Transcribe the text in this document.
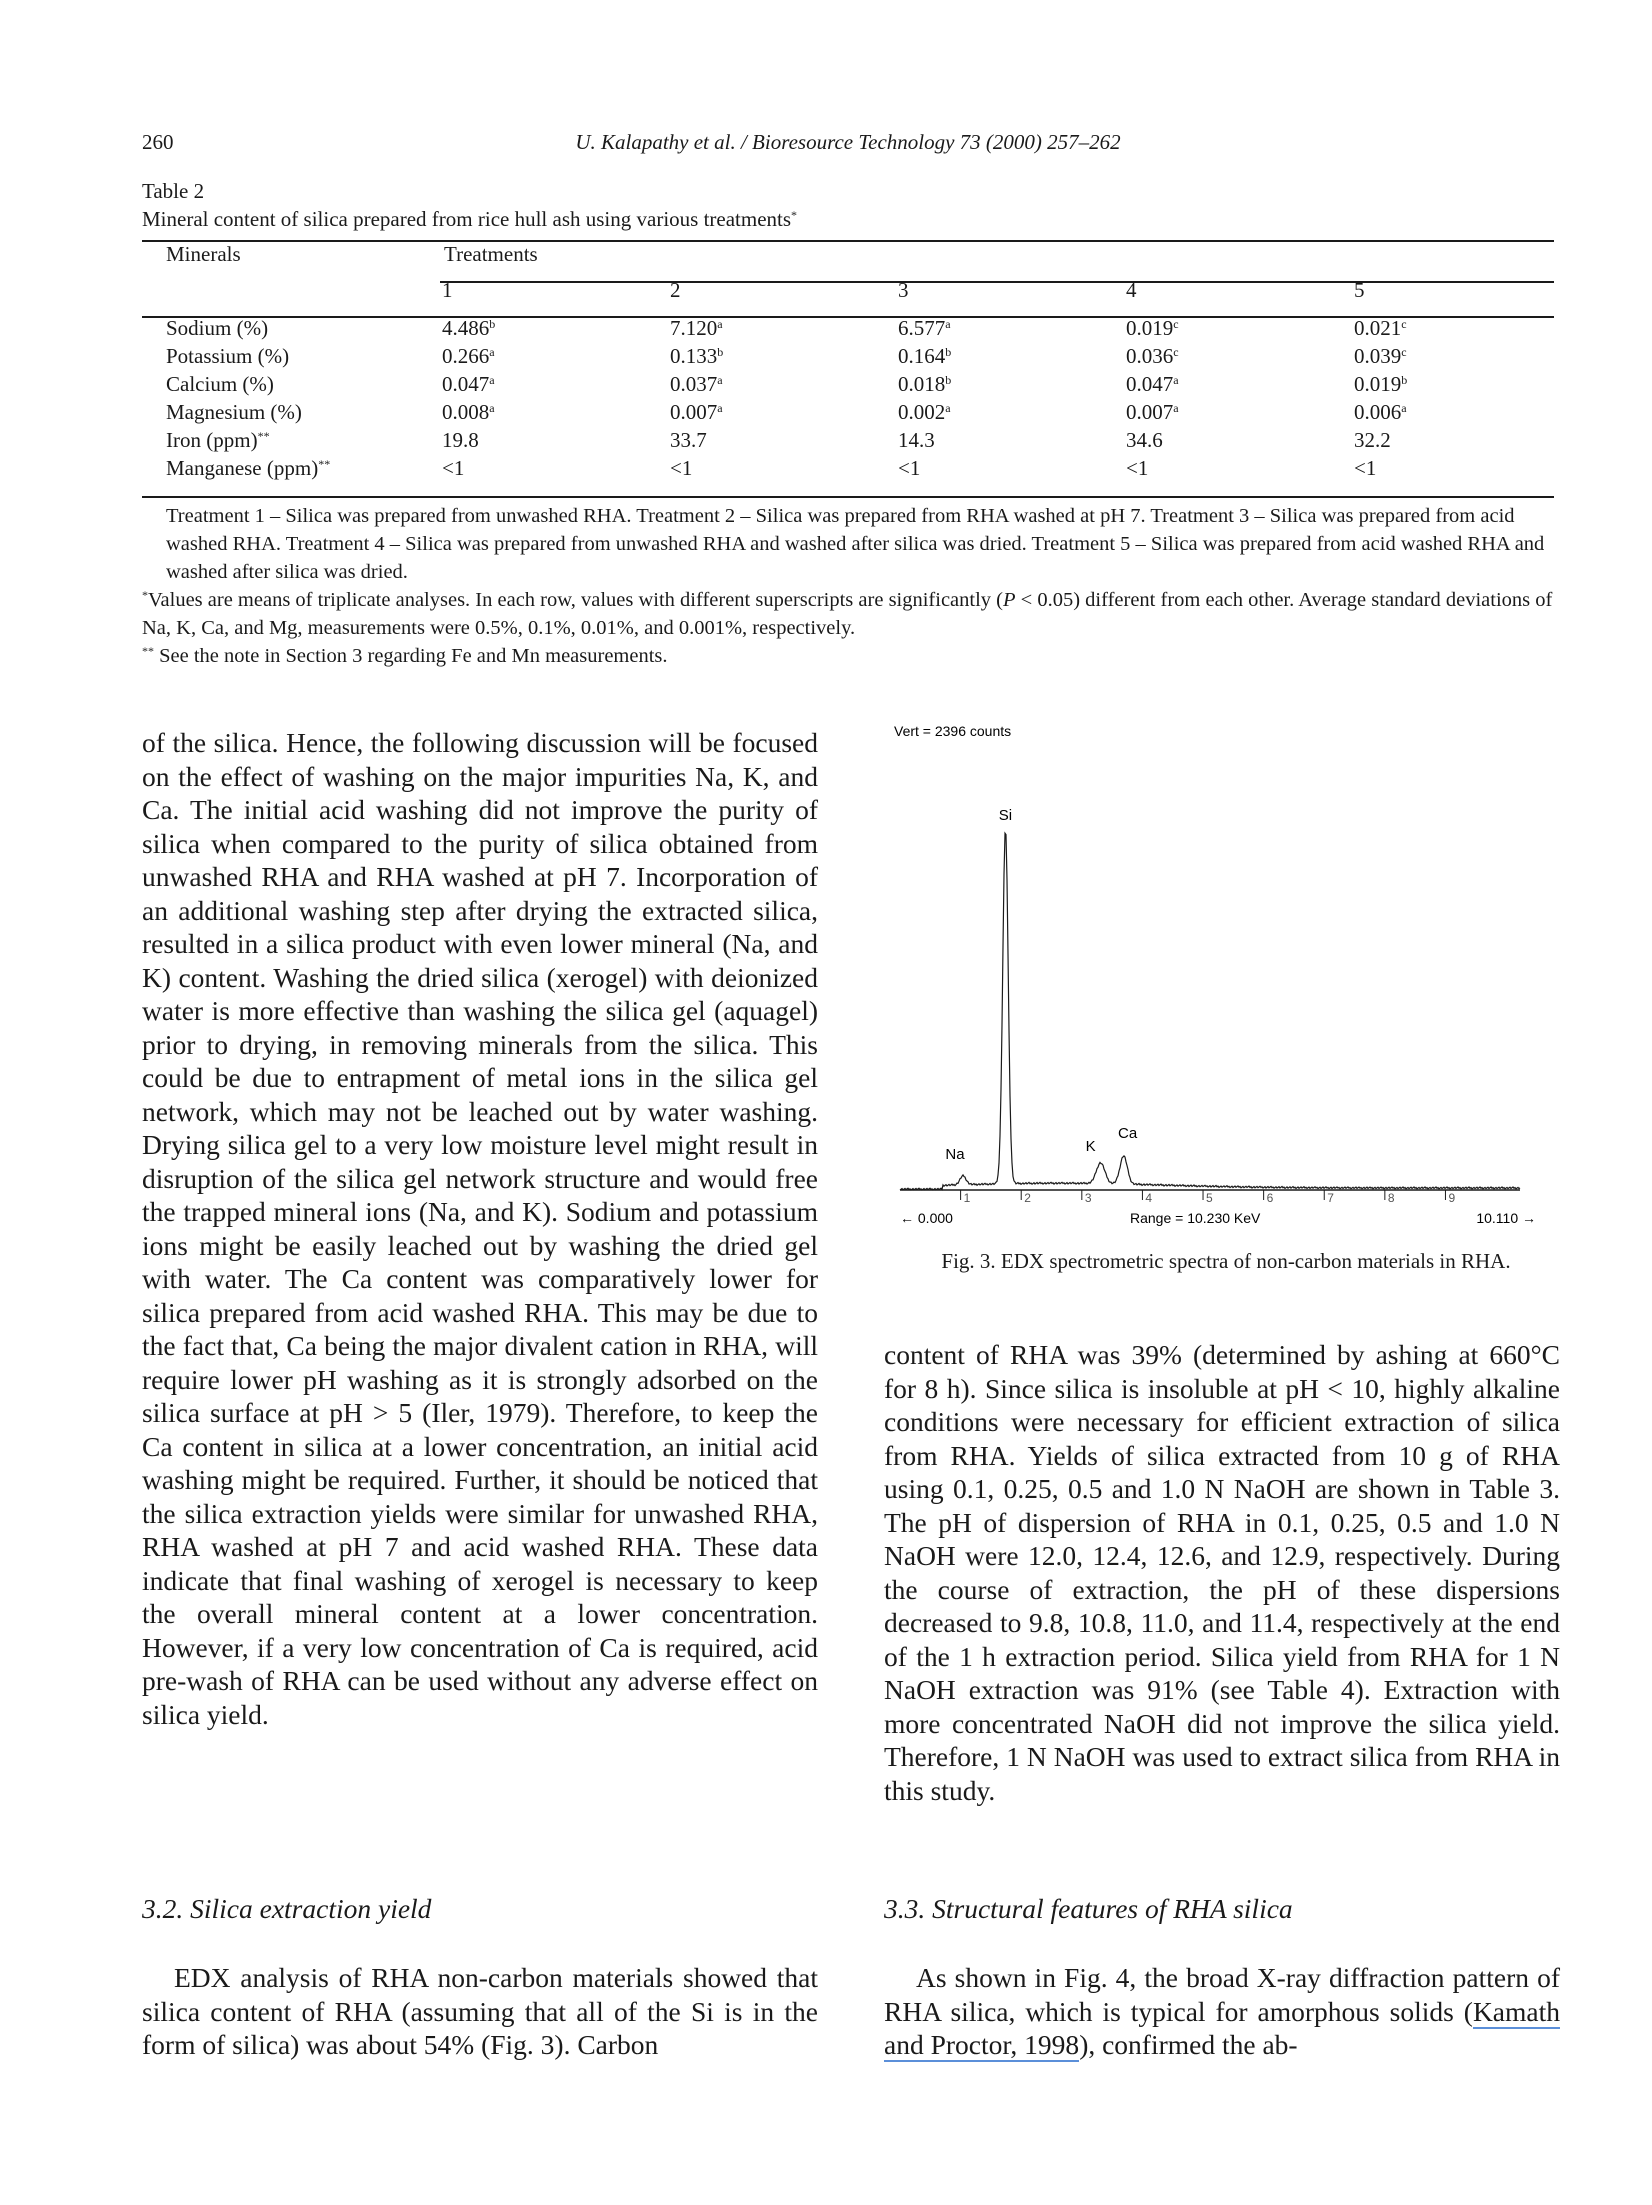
260	U. Kalapathy et al. / Bioresource Technology 73 (2000) 257–262
Table 2
Mineral content of silica prepared from rice hull ash using various treatments*
Minerals	Treatments				
	1	2	3	4	5
Sodium (%)	4.486$^b$	7.120$^a$	6.577$^a$	0.019$^c$	0.021$^c$
Potassium (%)	0.266$^a$	0.133$^b$	0.164$^b$	0.036$^c$	0.039$^c$
Calcium (%)	0.047$^a$	0.037$^a$	0.018$^b$	0.047$^a$	0.019$^b$
Magnesium (%)	0.008$^a$	0.007$^a$	0.002$^a$	0.007$^a$	0.006$^a$
Iron (ppm)**	19.8	33.7	14.3	34.6	32.2
Manganese (ppm)**	<1	<1	<1	<1	<1
Treatment 1 – Silica was prepared from unwashed RHA. Treatment 2 – Silica was prepared from RHA washed at pH 7. Treatment 3 – Silica was prepared from acid washed RHA. Treatment 4 – Silica was prepared from unwashed RHA and washed after silica was dried. Treatment 5 – Silica was prepared from acid washed RHA and washed after silica was dried.
*Values are means of triplicate analyses. In each row, values with different superscripts are significantly (P < 0.05) different from each other. Average standard deviations of Na, K, Ca, and Mg, measurements were 0.5%, 0.1%, 0.01%, and 0.001%, respectively.
** See the note in Section 3 regarding Fe and Mn measurements.

of the silica. Hence, the following discussion will be focused on the effect of washing on the major impurities Na, K, and Ca. The initial acid washing did not improve the purity of silica when compared to the purity of silica obtained from unwashed RHA and RHA washed at pH 7. Incorporation of an additional washing step after drying the extracted silica, resulted in a silica product with even lower mineral (Na, and K) content. Washing the dried silica (xerogel) with deionized water is more effective than washing the silica gel (aquagel) prior to drying, in removing minerals from the silica. This could be due to entrapment of metal ions in the silica gel network, which may not be leached out by water washing. Drying silica gel to a very low moisture level might result in disruption of the silica gel network structure and would free the trapped mineral ions (Na, and K). Sodium and potassium ions might be easily leached out by washing the dried gel with water. The Ca content was comparatively lower for silica prepared from acid washed RHA. This may be due to the fact that, Ca being the major divalent cation in RHA, will require lower pH washing as it is strongly adsorbed on the silica surface at pH > 5 (Iler, 1979). Therefore, to keep the Ca content in silica at a lower concentration, an initial acid washing might be required. Further, it should be noticed that the silica extraction yields were similar for unwashed RHA, RHA washed at pH 7 and acid washed RHA. These data indicate that final washing of xerogel is necessary to keep the overall mineral content at a lower concentration. However, if a very low concentration of Ca is required, acid pre-wash of RHA can be used without any adverse effect on silica yield.

Vert = 2396 counts
Si
Na	K
Ca
1	2	3	4	5	6	7	8	9
← 0.000	Range = 10.230 KeV	10.110 →
Fig. 3. EDX spectrometric spectra of non-carbon materials in RHA.

content of RHA was 39% (determined by ashing at 660°C for 8 h). Since silica is insoluble at pH < 10, highly alkaline conditions were necessary for efficient extraction of silica from RHA. Yields of silica extracted from 10 g of RHA using 0.1, 0.25, 0.5 and 1.0 N NaOH are shown in Table 3. The pH of dispersion of RHA in 0.1, 0.25, 0.5 and 1.0 N NaOH were 12.0, 12.4, 12.6, and 12.9, respectively. During the course of extraction, the pH of these dispersions decreased to 9.8, 10.8, 11.0, and 11.4, respectively at the end of the 1 h extraction period. Silica yield from RHA for 1 N NaOH extraction was 91% (see Table 4). Extraction with more concentrated NaOH did not improve the silica yield. Therefore, 1 N NaOH was used to extract silica from RHA in this study.

3.2. Silica extraction yield	3.3. Structural features of RHA silica

EDX analysis of RHA non-carbon materials showed that silica content of RHA (assuming that all of the Si is in the form of silica) was about 54% (Fig. 3). Carbon

As shown in Fig. 4, the broad X-ray diffraction pattern of RHA silica, which is typical for amorphous solids (Kamath and Proctor, 1998), confirmed the ab-
